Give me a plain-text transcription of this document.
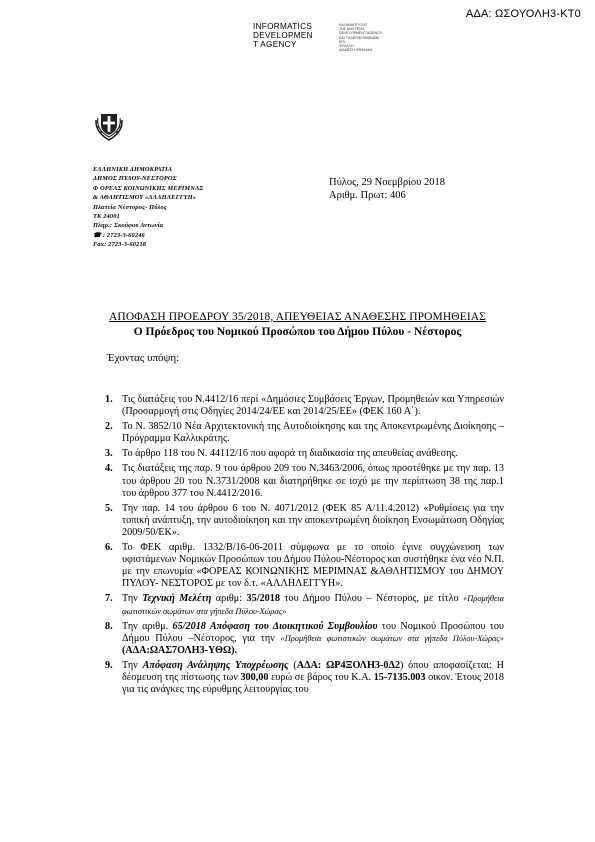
ΑΔΑ: ΩΣΟΥΟΛΗ3-ΚΤ0
INFORMATICS
DEVELOPMEN
T AGENCY
ΚΑΙ ΑΝΑΠΤΥΞΗΣ
ΤΗΣ ΔΙΑΥΓΕΙΑΣ
DEVELOPMENT AGENCY
ΚΑΙ ΤΗΛΕΠΙΚΟΙΝΩΝΙΩΝ
ΕΠΙ
ΦΥΛΑΞΗ
ΔΙΑΘΕΣΗ ΨΗΦΙΑΚΑ
ΕΛΛΗΝΙΚΗ ΔΗΜΟΚΡΑΤΙΑ
ΔΗΜΟΣ ΠΥΛΟΥ-ΝΕΣΤΟΡΟΣ
Φ ΟΡΕΑΣ ΚΟΙΝΩΝΙΚΗΣ ΜΕΡΙΜΝΑΣ
& ΑΘΛΗΤΙΣΜΟΥ «ΑΛΛΗΛΕΓΓΥΗ»
Πλατεία Νέστορος- Πύλος
ΤΚ 24001
Πληρ.: Σκούφου Αντωνία
☎ : 2723-3-60246
Fax: 2723-3-60218
Πύλος, 29 Νοεμβρίου 2018
Αριθμ. Πρωτ: 406
ΑΠΟΦΑΣΗ ΠΡΟΕΔΡΟΥ 35/2018, ΑΠΕΥΘΕΙΑΣ ΑΝΑΘΕΣΗΣ ΠΡΟΜΗΘΕΙΑΣ
Ο Πρόεδρος του Νομικού Προσώπου του Δήμου Πύλου - Νέστορος
Έχοντας υπόψη:
1. Τις διατάξεις του Ν.4412/16 περί «Δημόσιες Συμβάσεις Έργων, Προμηθειών και Υπηρεσιών (Προσαρμογή στις Οδηγίες 2014/24/ΕΕ και 2014/25/ΕΕ» (ΦΕΚ 160 Α΄).
2. Το Ν. 3852/10 Νέα Αρχιτεκτονική της Αυτοδιοίκησης και της Αποκεντρωμένης Διοίκησης – Πρόγραμμα Καλλικράτης.
3. Το άρθρο 118 του Ν. 44112/16 που αφορά τη διαδικασία της απευθείας ανάθεσης.
4. Τις διατάξεις της παρ. 9 του άρθρου 209 του Ν.3463/2006, όπως προστέθηκε με την παρ. 13 του άρθρου 20 του Ν.3731/2008 και διατηρήθηκε σε ισχύ με την περίπτωση 38 της παρ.1 του άρθρου 377 του Ν.4412/2016.
5. Την παρ. 14 του άρθρου 6 του Ν. 4071/2012 (ΦΕΚ 85 Α/11.4.2012) «Ρυθμίσεις για την τοπική ανάπτυξη, την αυτοδιοίκηση και την αποκεντρωμένη διοίκηση Ενσωμάτωση Οδηγίας 2009/50/ΕΚ».
6. Το ΦΕΚ αριθμ. 1332/Β/16-06-2011 σύμφωνα με το οποίο έγινε συγχώνευση των υφιστάμενων Νομικών Προσώπων του Δήμου Πύλου-Νέστορος και συστήθηκε ένα νέο Ν.Π. με την επωνυμία «ΦΟΡΕΑΣ ΚΟΙΝΩΝΙΚΗΣ ΜΕΡΙΜΝΑΣ &ΑΘΛΗΤΙΣΜΟΥ του ΔΗΜΟΥ ΠΥΛΟΥ- ΝΕΣΤΟΡΟΣ με τον δ.τ. «ΑΛΛΗΛΕΓΓΥΗ».
7. Την Τεχνική Μελέτη αριθμ: 35/2018 του Δήμου Πύλου – Νέστορος, με τίτλο «Προμήθεια φωτιστικών σωμάτων στα γήπεδα Πύλου-Χώρας»
8. Την αριθμ. 65/2018 Απόφαση του Διοικητικού Συμβουλίου του Νομικού Προσώπου του Δήμου Πύλου –Νέστορος, για την «Προμήθεια φωτιστικών σωμάτων στα γήπεδα Πύλου-Χώρας» (ΑΔΑ:ΩΑΣ7ΟΛΗ3-ΥΘΩ).
9. Την Απόφαση Ανάληψης Υποχρέωσης (ΑΔΑ: ΩΡ4ΞΟΛΗ3-0Δ2) όπου αποφασίζεται: Η δέσμευση της πίστωσης των 300,00 ευρώ σε βάρος του Κ.Α. 15-7135.003 οικον. Έτους 2018 για τις ανάγκες της εύρυθμης λειτουργίας του
